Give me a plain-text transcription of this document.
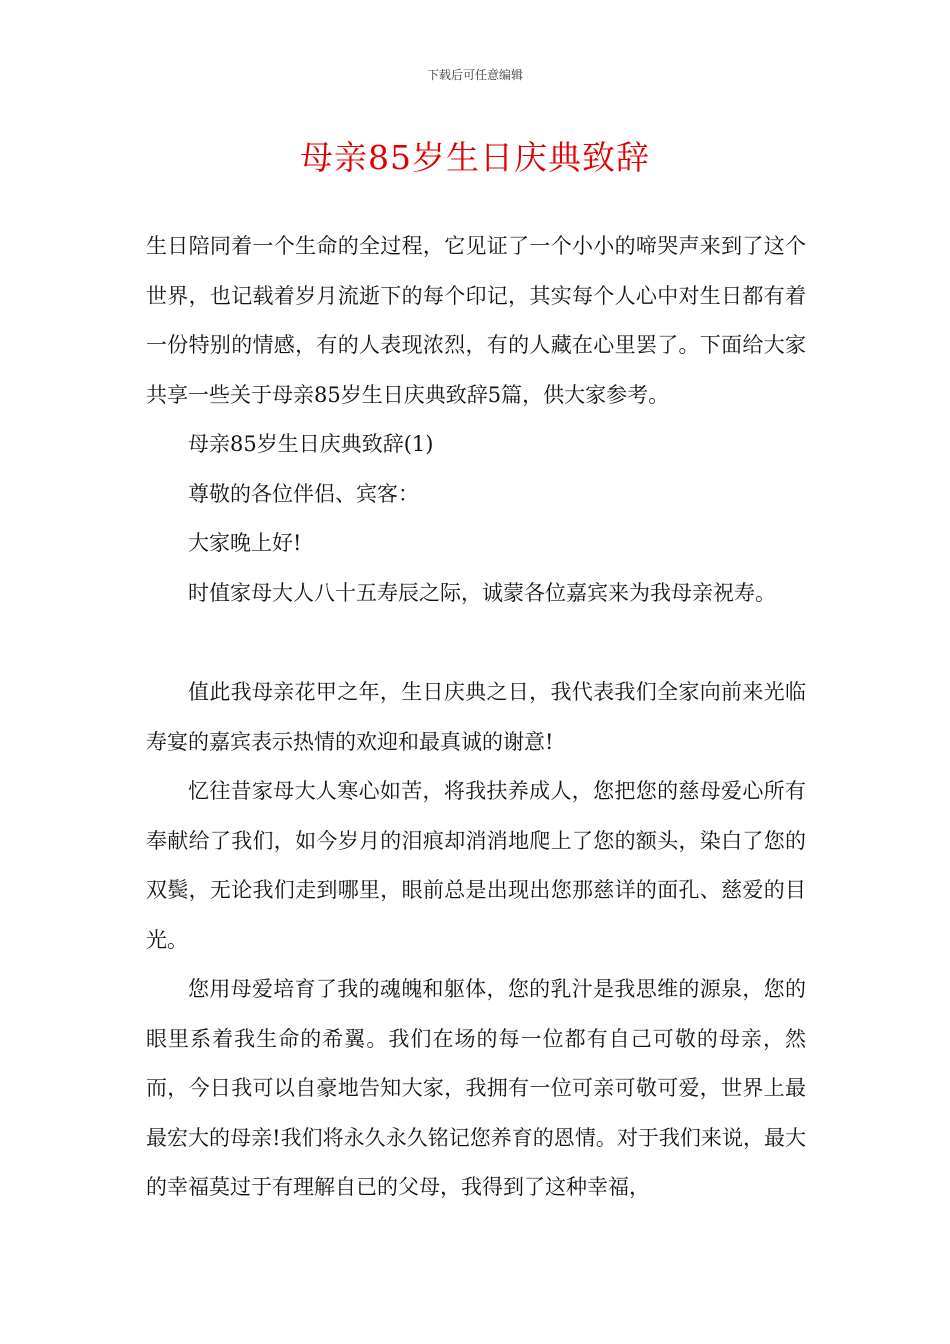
下载后可任意编辑
母亲85岁生日庆典致辞

生日陪同着一个生命的全过程，它见证了一个小小的啼哭声来到了这个世界，也记载着岁月流逝下的每个印记，其实每个人心中对生日都有着一份特别的情感，有的人表现浓烈，有的人藏在心里罢了。下面给大家共享一些关于母亲85岁生日庆典致辞5篇，供大家参考。

母亲85岁生日庆典致辞(1)

尊敬的各位伴侣、宾客：

大家晚上好!

时值家母大人八十五寿辰之际，诚蒙各位嘉宾来为我母亲祝寿。

值此我母亲花甲之年，生日庆典之日，我代表我们全家向前来光临寿宴的嘉宾表示热情的欢迎和最真诚的谢意!

忆往昔家母大人寒心如苦，将我扶养成人，您把您的慈母爱心所有奉献给了我们，如今岁月的泪痕却消消地爬上了您的额头，染白了您的双鬓，无论我们走到哪里，眼前总是出现出您那慈详的面孔、慈爱的目光。

您用母爱培育了我的魂魄和躯体，您的乳汁是我思维的源泉，您的眼里系着我生命的希翼。我们在场的每一位都有自己可敬的母亲，然而，今日我可以自豪地告知大家，我拥有一位可亲可敬可爱，世界上最最宏大的母亲!我们将永久永久铭记您养育的恩情。对于我们来说，最大的幸福莫过于有理解自已的父母，我得到了这种幸福，
